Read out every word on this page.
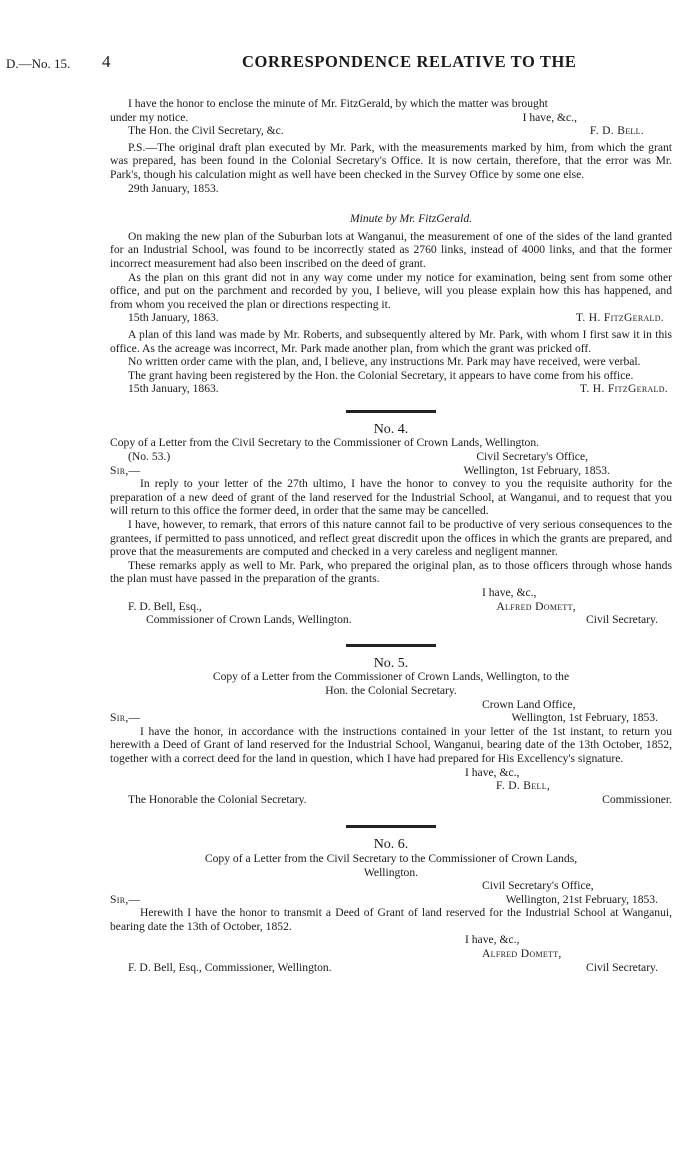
D.—No. 15. 4	CORRESPONDENCE RELATIVE TO THE

I have the honor to enclose the minute of Mr. FitzGerald, by which the matter was brought

under my notice.	I have, &c.,
The Hon. the Civil Secretary, &c.	F. D. Bell.

P.S.—The original draft plan executed by Mr. Park, with the measurements marked by him, from which the grant was prepared, has been found in the Colonial Secretary's Office. It is now certain, therefore, that the error was Mr. Park's, though his calculation might as well have been checked in the Survey Office by some one else.

29th January, 1853.

Minute by Mr. FitzGerald.

On making the new plan of the Suburban lots at Wanganui, the measurement of one of the sides of the land granted for an Industrial School, was found to be incorrectly stated as 2760 links, instead of 4000 links, and that the former incorrect measurement had also been inscribed on the deed of grant.

As the plan on this grant did not in any way come under my notice for examination, being sent from some other office, and put on the parchment and recorded by you, I believe, will you please explain how this has happened, and from whom you received the plan or directions respecting it.

15th January, 1863.	T. H. FitzGerald.

A plan of this land was made by Mr. Roberts, and subsequently altered by Mr. Park, with whom I first saw it in this office. As the acreage was incorrect, Mr. Park made another plan, from which the grant was pricked off.

No written order came with the plan, and, I believe, any instructions Mr. Park may have received, were verbal.

The grant having been registered by the Hon. the Colonial Secretary, it appears to have come from his office.

15th January, 1863.	T. H. FitzGerald.

No. 4.

Copy of a Letter from the Civil Secretary to the Commissioner of Crown Lands, Wellington.

(No. 53.)	Civil Secretary's Office,
Sir,—	Wellington, 1st February, 1853.

In reply to your letter of the 27th ultimo, I have the honor to convey to you the requisite authority for the preparation of a new deed of grant of the land reserved for the Industrial School, at Wanganui, and to request that you will return to this office the former deed, in order that the same may be cancelled.

I have, however, to remark, that errors of this nature cannot fail to be productive of very serious consequences to the grantees, if permitted to pass unnoticed, and reflect great discredit upon the offices in which the grants are prepared, and prove that the measurements are computed and checked in a very careless and negligent manner.

These remarks apply as well to Mr. Park, who prepared the original plan, as to those officers through whose hands the plan must have passed in the preparation of the grants.

I have, &c.,

F. D. Bell, Esq.,	Alfred Domett,
Commissioner of Crown Lands, Wellington.	Civil Secretary.

No. 5.

Copy of a Letter from the Commissioner of Crown Lands, Wellington, to the

Hon. the Colonial Secretary.

Crown Land Office,

Sir,—	Wellington, 1st February, 1853.

I have the honor, in accordance with the instructions contained in your letter of the 1st instant, to return you herewith a Deed of Grant of land reserved for the Industrial School, Wanganui, bearing date of the 13th October, 1852, together with a correct deed for the land in question, which I have had prepared for His Excellency's signature.

I have, &c.,

F. D. Bell,

The Honorable the Colonial Secretary.	Commissioner.

No. 6.

Copy of a Letter from the Civil Secretary to the Commissioner of Crown Lands,

Wellington.

Civil Secretary's Office,

Sir,—	Wellington, 21st February, 1853.

Herewith I have the honor to transmit a Deed of Grant of land reserved for the Industrial School at Wanganui, bearing date the 13th of October, 1852.

I have, &c.,

Alfred Domett,

F. D. Bell, Esq., Commissioner, Wellington.	Civil Secretary.
